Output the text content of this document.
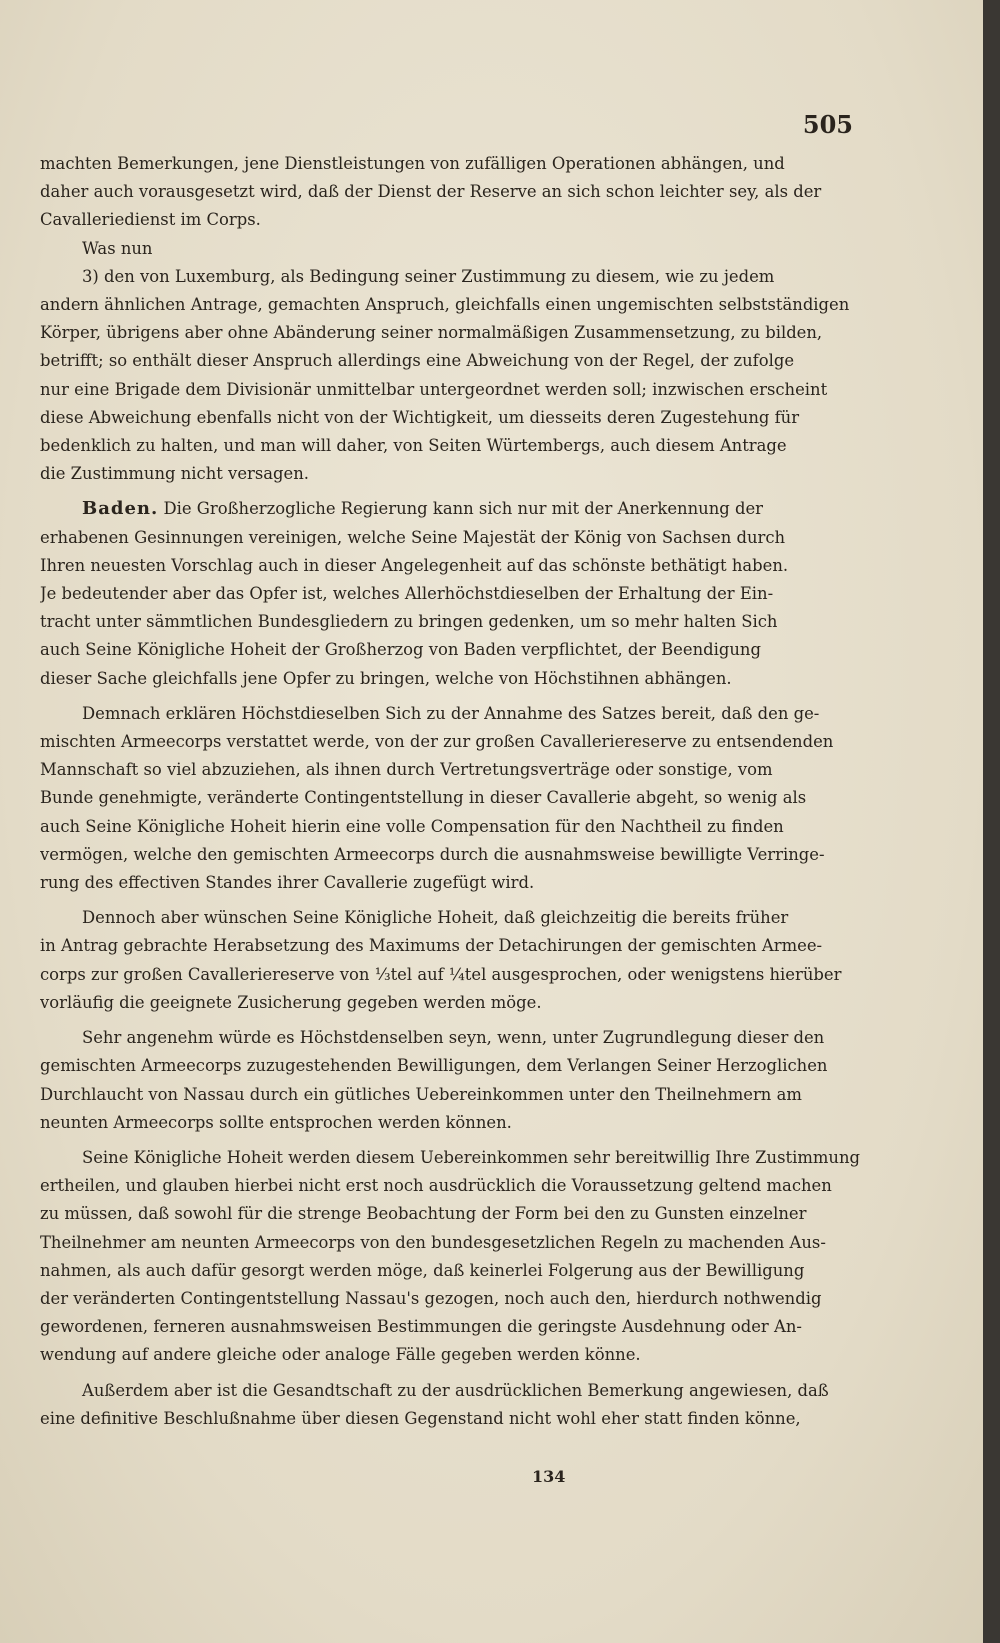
505
machten Bemerkungen, jene Dienstleistungen von zufälligen Operationen abhängen, und
daher auch vorausgesetzt wird, daß der Dienst der Reserve an sich schon leichter sey, als der
Cavalleriedienst im Corps.
Was nun
3) den von Luxemburg, als Bedingung seiner Zustimmung zu diesem, wie zu jedem
andern ähnlichen Antrage, gemachten Anspruch, gleichfalls einen ungemischten selbstständigen
Körper, übrigens aber ohne Abänderung seiner normalmäßigen Zusammensetzung, zu bilden,
betrifft; so enthält dieser Anspruch allerdings eine Abweichung von der Regel, der zufolge
nur eine Brigade dem Divisionär unmittelbar untergeordnet werden soll; inzwischen erscheint
diese Abweichung ebenfalls nicht von der Wichtigkeit, um diesseits deren Zugestehung für
bedenklich zu halten, und man will daher, von Seiten Würtembergs, auch diesem Antrage
die Zustimmung nicht versagen.
Baden. Die Großherzogliche Regierung kann sich nur mit der Anerkennung der
erhabenen Gesinnungen vereinigen, welche Seine Majestät der König von Sachsen durch
Ihren neuesten Vorschlag auch in dieser Angelegenheit auf das schönste bethätigt haben.
Je bedeutender aber das Opfer ist, welches Allerhöchstdieselben der Erhaltung der Ein-
tracht unter sämmtlichen Bundesgliedern zu bringen gedenken, um so mehr halten Sich
auch Seine Königliche Hoheit der Großherzog von Baden verpflichtet, der Beendigung
dieser Sache gleichfalls jene Opfer zu bringen, welche von Höchstihnen abhängen.
Demnach erklären Höchstdieselben Sich zu der Annahme des Satzes bereit, daß den ge-
mischten Armeecorps verstattet werde, von der zur großen Cavalleriereserve zu entsendenden
Mannschaft so viel abzuziehen, als ihnen durch Vertretungsverträge oder sonstige, vom
Bunde genehmigte, veränderte Contingentstellung in dieser Cavallerie abgeht, so wenig als
auch Seine Königliche Hoheit hierin eine volle Compensation für den Nachtheil zu finden
vermögen, welche den gemischten Armeecorps durch die ausnahmsweise bewilligte Verringe-
rung des effectiven Standes ihrer Cavallerie zugefügt wird.
Dennoch aber wünschen Seine Königliche Hoheit, daß gleichzeitig die bereits früher
in Antrag gebrachte Herabsetzung des Maximums der Detachirungen der gemischten Armee-
corps zur großen Cavalleriereserve von ⅓tel auf ¼tel ausgesprochen, oder wenigstens hierüber
vorläufig die geeignete Zusicherung gegeben werden möge.
Sehr angenehm würde es Höchstdenselben seyn, wenn, unter Zugrundlegung dieser den
gemischten Armeecorps zuzugestehenden Bewilligungen, dem Verlangen Seiner Herzoglichen
Durchlaucht von Nassau durch ein gütliches Uebereinkommen unter den Theilnehmern am
neunten Armeecorps sollte entsprochen werden können.
Seine Königliche Hoheit werden diesem Uebereinkommen sehr bereitwillig Ihre Zustimmung
ertheilen, und glauben hierbei nicht erst noch ausdrücklich die Voraussetzung geltend machen
zu müssen, daß sowohl für die strenge Beobachtung der Form bei den zu Gunsten einzelner
Theilnehmer am neunten Armeecorps von den bundesgesetzlichen Regeln zu machenden Aus-
nahmen, als auch dafür gesorgt werden möge, daß keinerlei Folgerung aus der Bewilligung
der veränderten Contingentstellung Nassau's gezogen, noch auch den, hierdurch nothwendig
gewordenen, ferneren ausnahmsweisen Bestimmungen die geringste Ausdehnung oder An-
wendung auf andere gleiche oder analoge Fälle gegeben werden könne.
Außerdem aber ist die Gesandtschaft zu der ausdrücklichen Bemerkung angewiesen, daß
eine definitive Beschlußnahme über diesen Gegenstand nicht wohl eher statt finden könne,
134
